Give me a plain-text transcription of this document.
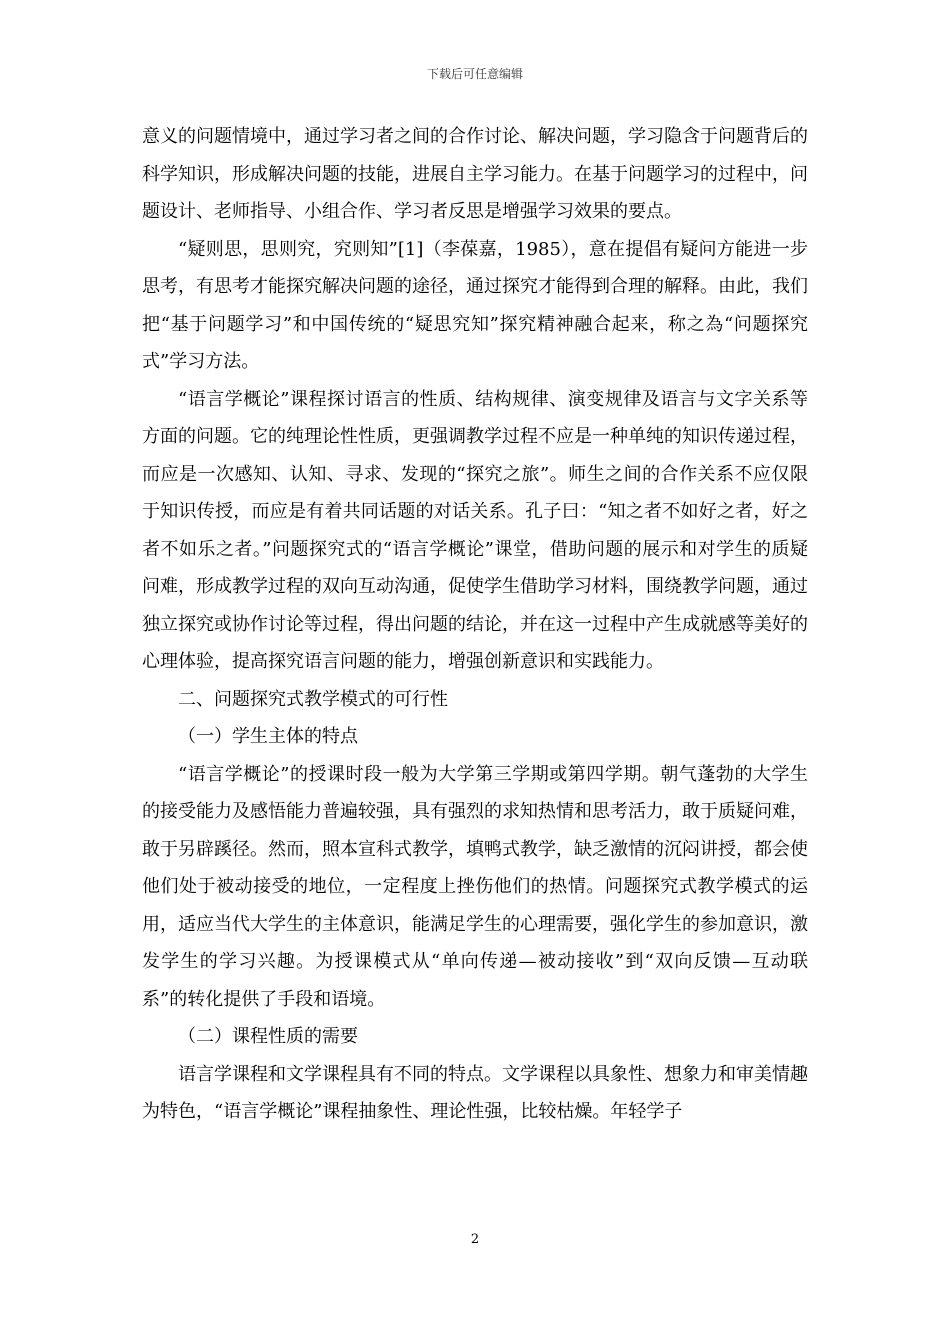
下载后可任意编辑

意义的问题情境中，通过学习者之间的合作讨论、解决问题，学习隐含于问题背后的科学知识，形成解决问题的技能，进展自主学习能力。在基于问题学习的过程中，问题设计、老师指导、小组合作、学习者反思是增强学习效果的要点。

“疑则思，思则究，究则知”[1]（李葆嘉，1985），意在提倡有疑问方能进一步思考，有思考才能探究解决问题的途径，通过探究才能得到合理的解释。由此，我们把“基于问题学习”和中国传统的“疑思究知”探究精神融合起来，称之為“问题探究式”学习方法。

“语言学概论”课程探讨语言的性质、结构规律、演变规律及语言与文字关系等方面的问题。它的纯理论性性质，更强调教学过程不应是一种单纯的知识传递过程，而应是一次感知、认知、寻求、发现的“探究之旅”。师生之间的合作关系不应仅限于知识传授，而应是有着共同话题的对话关系。孔子曰：“知之者不如好之者，好之者不如乐之者。”问题探究式的“语言学概论”课堂，借助问题的展示和对学生的质疑问难，形成教学过程的双向互动沟通，促使学生借助学习材料，围绕教学问题，通过独立探究或协作讨论等过程，得出问题的结论，并在这一过程中产生成就感等美好的心理体验，提高探究语言问题的能力，增强创新意识和实践能力。

二、问题探究式教学模式的可行性

（一）学生主体的特点

“语言学概论”的授课时段一般为大学第三学期或第四学期。朝气蓬勃的大学生的接受能力及感悟能力普遍较强，具有强烈的求知热情和思考活力，敢于质疑问难，敢于另辟蹊径。然而，照本宣科式教学，填鸭式教学，缺乏激情的沉闷讲授，都会使他们处于被动接受的地位，一定程度上挫伤他们的热情。问题探究式教学模式的运用，适应当代大学生的主体意识，能满足学生的心理需要，强化学生的参加意识，激发学生的学习兴趣。为授课模式从“单向传递—被动接收”到“双向反馈—互动联系”的转化提供了手段和语境。

（二）课程性质的需要

语言学课程和文学课程具有不同的特点。文学课程以具象性、想象力和审美情趣为特色，“语言学概论”课程抽象性、理论性强，比较枯燥。年轻学子

2
